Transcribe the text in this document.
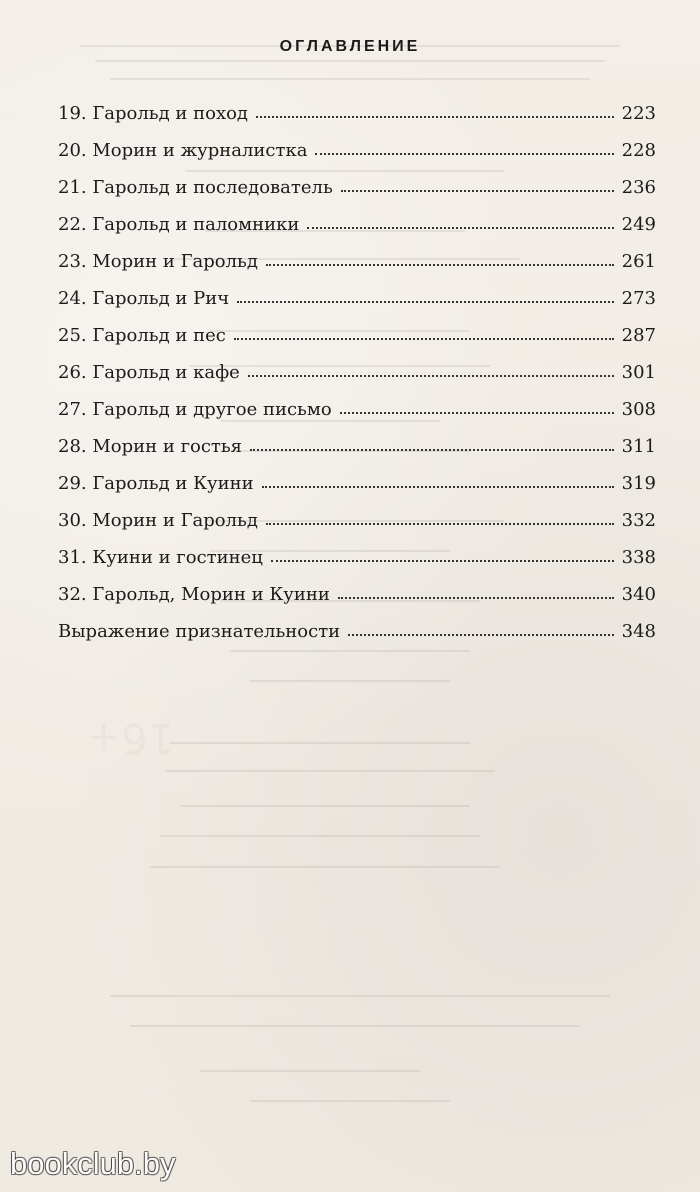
16+
ОГЛАВЛЕНИЕ
19. Гарольд и поход	223
20. Морин и журналистка	228
21. Гарольд и последователь	236
22. Гарольд и паломники	249
23. Морин и Гарольд	261
24. Гарольд и Рич	273
25. Гарольд и пес	287
26. Гарольд и кафе	301
27. Гарольд и другое письмо	308
28. Морин и гостья	311
29. Гарольд и Куини	319
30. Морин и Гарольд	332
31. Куини и гостинец	338
32. Гарольд, Морин и Куини	340
Выражение признательности	348
bookclub.by
